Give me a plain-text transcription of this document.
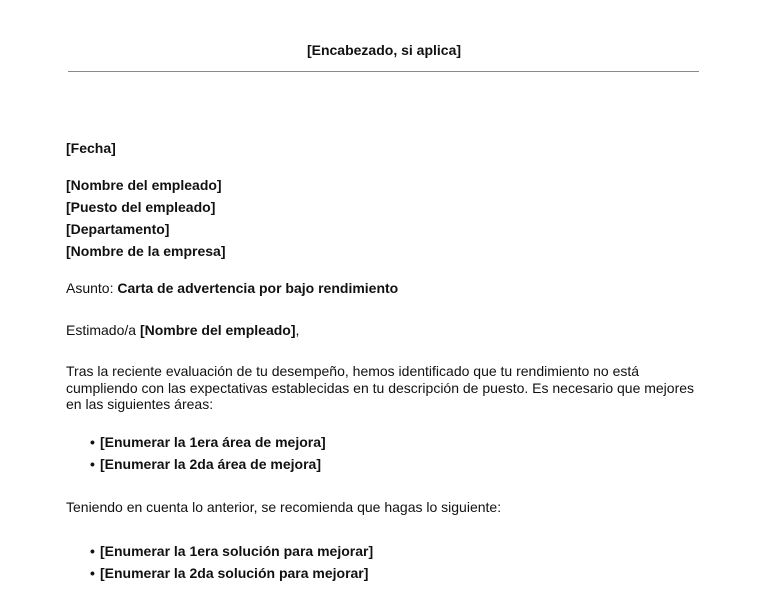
[Encabezado, si aplica]
[Fecha]
[Nombre del empleado]
[Puesto del empleado]
[Departamento]
[Nombre de la empresa]
Asunto: Carta de advertencia por bajo rendimiento
Estimado/a [Nombre del empleado],

Tras la reciente evaluación de tu desempeño, hemos identificado que tu rendimiento no está cumpliendo con las expectativas establecidas en tu descripción de puesto. Es necesario que mejores en las siguientes áreas:

• [Enumerar la 1era área de mejora]
• [Enumerar la 2da área de mejora]
Teniendo en cuenta lo anterior, se recomienda que hagas lo siguiente:
• [Enumerar la 1era solución para mejorar]
• [Enumerar la 2da solución para mejorar]
